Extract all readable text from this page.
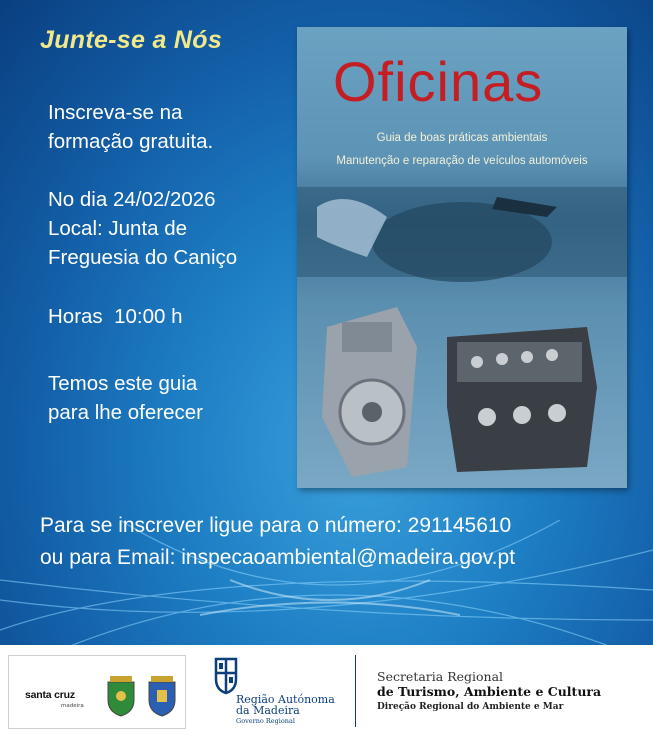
Junte-se a Nós
Inscreva-se na
formação gratuita.
No dia 24/02/2026
Local: Junta de
Freguesia do Caniço
Horas  10:00 h
Temos este guia
para lhe oferecer
Oficinas
Guia de boas práticas ambientais
Manutenção e reparação de veículos automóveis
Para se inscrever ligue para o número: 291145610
ou para Email: inspecaoambiental@madeira.gov.pt
santa cruz
madeira	Região Autónoma
da Madeira
Governo Regional
Secretaria Regional
de Turismo, Ambiente e Cultura
Direção Regional do Ambiente e Mar
